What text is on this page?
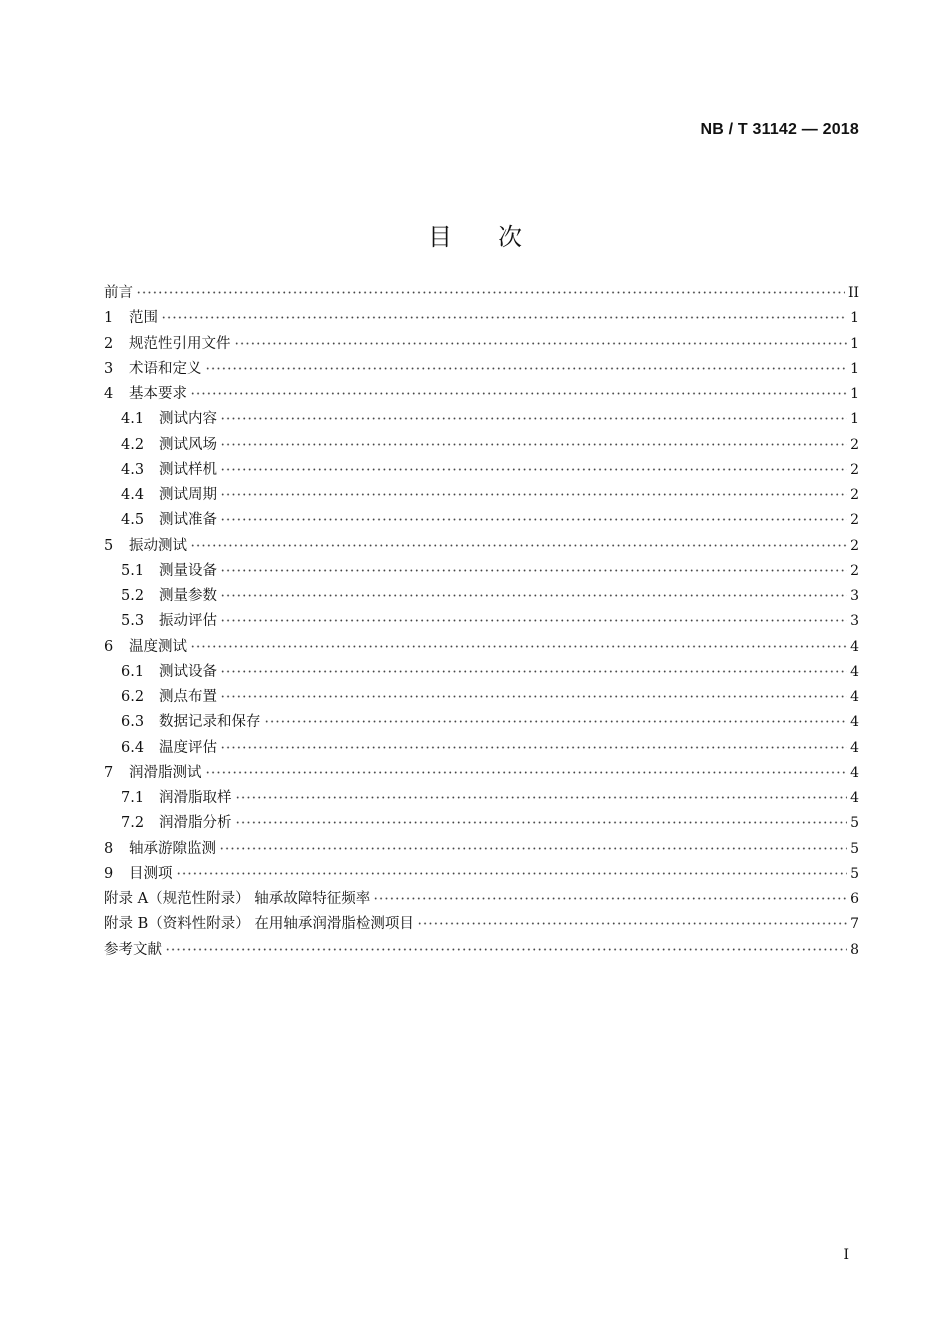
NB / T 31142 — 2018
目次
前言	II
1	范围	1
2	规范性引用文件	1
3	术语和定义	1
4	基本要求	1
4.1	测试内容	1
4.2	测试风场	2
4.3	测试样机	2
4.4	测试周期	2
4.5	测试准备	2
5	振动测试	2
5.1	测量设备	2
5.2	测量参数	3
5.3	振动评估	3
6	温度测试	4
6.1	测试设备	4
6.2	测点布置	4
6.3	数据记录和保存	4
6.4	温度评估	4
7	润滑脂测试	4
7.1	润滑脂取样	4
7.2	润滑脂分析	5
8	轴承游隙监测	5
9	目测项	5
附录 A（规范性附录） 轴承故障特征频率	6
附录 B（资料性附录） 在用轴承润滑脂检测项目	7
参考文献	8
I
